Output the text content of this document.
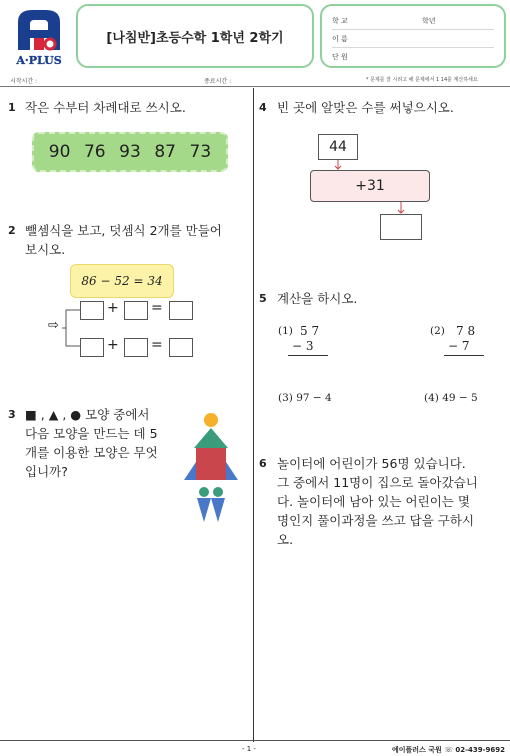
A·PLUS
[나침반]초등수학 1학년 2학기
학 교	학년
이 름
단 원
시작시간 :	종료시간 :	* 문제를 잘 시려고 해 문제에서 1 14를 계산하세요
1 작은 수부터 차례대로 쓰시오.
90 76 93 87 73
2 뺄셈식을 보고, 덧셈식 2개를 만들어
보시오.
86 − 52 = 34
⇨
+ =
+ =
3 ■ , ▲ , ● 모양 중에서
다음 모양을 만드는 데 5
개를 이용한 모양은 무엇
입니까?
4 빈 곳에 알맞은 수를 써넣으시오.
44
+31
5 계산을 하시오.
(1) 5 7
− 3
(2) 7 8
− 7
(3) 97 − 4	(4) 49 − 5
6 놀이터에 어린이가 56명 있습니다.
그 중에서 11명이 집으로 돌아갔습니
다. 놀이터에 남아 있는 어린이는 몇
명인지 풀이과정을 쓰고 답을 구하시
오.
- 1 -	에이플러스 국원 ☏ 02-439-9692
